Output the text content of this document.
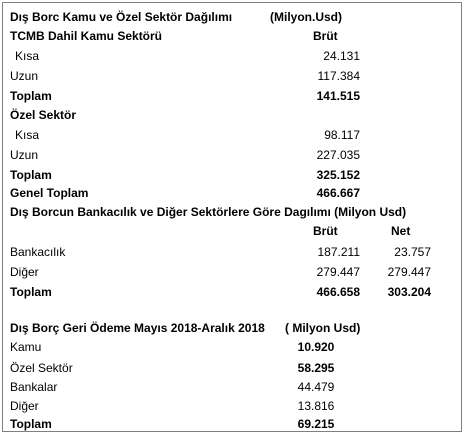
Dış Borc Kamu ve Özel Sektör Dağılımı	(Milyon.Usd)
TCMB Dahil Kamu Sektörü	Brüt
Kısa	24.131
Uzun	117.384
Toplam	141.515
Özel Sektör
Kısa	98.117
Uzun	227.035
Toplam	325.152
Genel Toplam	466.667
Dış Borcun Bankacılık ve Diğer Sektörlere Göre Dagılımı (Milyon Usd)
Brüt	Net
Bankacılık	187.211	23.757
Diğer	279.447 279.447
Toplam	466.658 303.204
Dış Borç Geri Ödeme Mayıs 2018-Aralık 2018 ( Milyon Usd)
Kamu	10.920
Özel Sektör	58.295
Bankalar	44.479
Diğer	13.816
Toplam	69.215
